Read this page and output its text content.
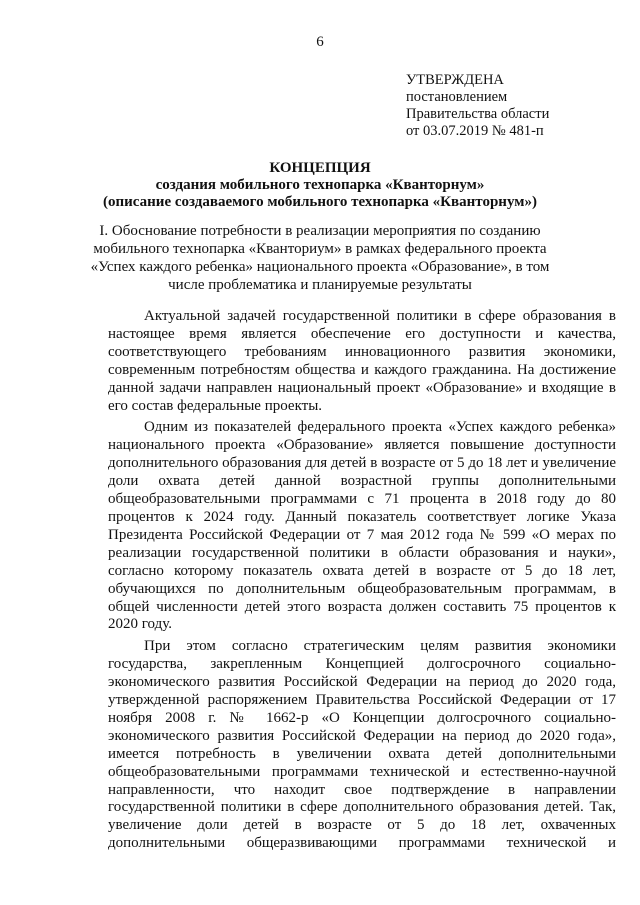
6
УТВЕРЖДЕНА
постановлением
Правительства области
от 03.07.2019 № 481-п
КОНЦЕПЦИЯ
создания мобильного технопарка «Кванторнум»
(описание создаваемого мобильного технопарка «Кванторнум»)
I. Обоснование потребности в реализации мероприятия по созданию
мобильного технопарка «Кванториум» в рамках федерального проекта
«Успех каждого ребенка» национального проекта «Образование», в том
числе проблематика и планируемые результаты

Актуальной задачей государственной политики в сфере образования в настоящее время является обеспечение его доступности и качества, соответствующего требованиям инновационного развития экономики, современным потребностям общества и каждого гражданина. На достижение данной задачи направлен национальный проект «Образование» и входящие в его состав федеральные проекты.

Одним из показателей федерального проекта «Успех каждого ребенка» национального проекта «Образование» является повышение доступности дополнительного образования для детей в возрасте от 5 до 18 лет и увеличение доли охвата детей данной возрастной группы дополнительными общеобразовательными программами с 71 процента в 2018 году до 80 процентов к 2024 году. Данный показатель соответствует логике Указа Президента Российской Федерации от 7 мая 2012 года № 599 «О мерах по реализации государственной политики в области образования и науки», согласно которому показатель охвата детей в возрасте от 5 до 18 лет, обучающихся по дополнительным общеобразовательным программам, в общей численности детей этого возраста должен составить 75 процентов к 2020 году.

При этом согласно стратегическим целям развития экономики государства, закрепленным Концепцией долгосрочного социально-экономического развития Российской Федерации на период до 2020 года, утвержденной распоряжением Правительства Российской Федерации от 17 ноября 2008 г. № 1662-р «О Концепции долгосрочного социально-экономического развития Российской Федерации на период до 2020 года», имеется потребность в увеличении охвата детей дополнительными общеобразовательными программами технической и естественно-научной направленности, что находит свое подтверждение в направлении государственной политики в сфере дополнительного образования детей. Так, увеличение доли детей в возрасте от 5 до 18 лет, охваченных дополнительными общеразвивающими программами технической и
